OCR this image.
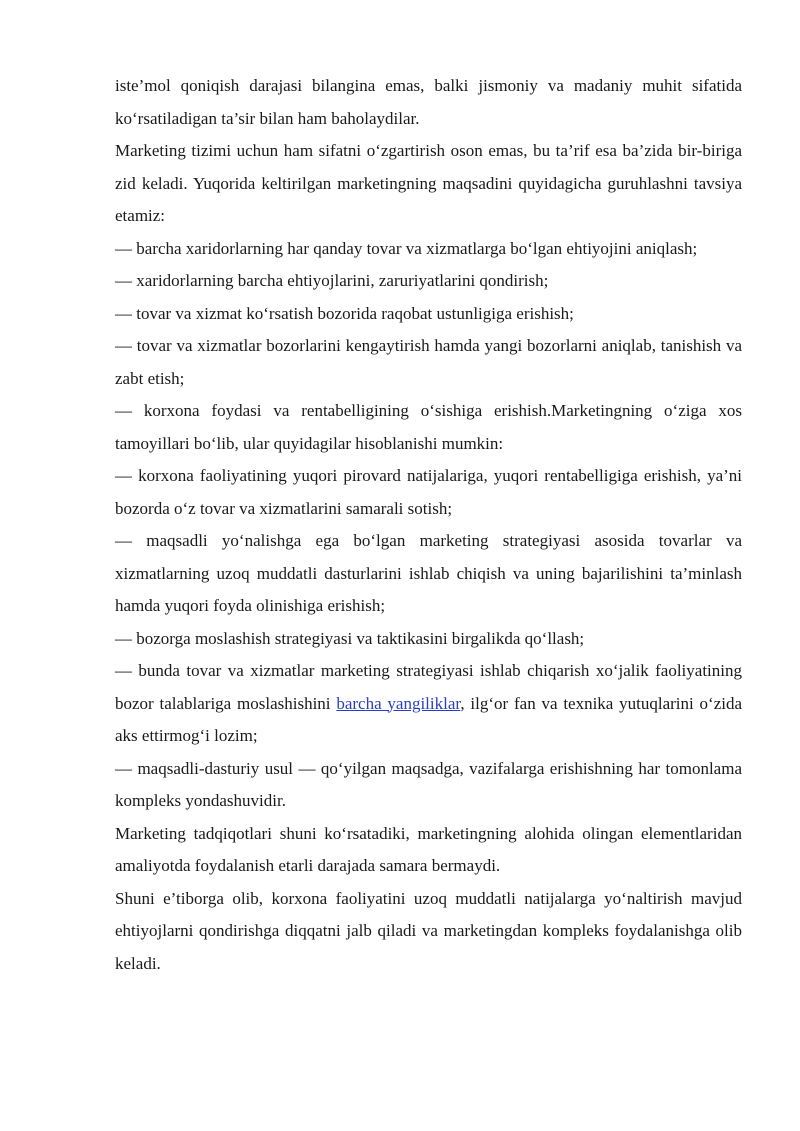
iste’mol qoniqish darajasi bilangina emas, balki jismoniy va madaniy muhit sifatida ko‘rsatiladigan ta’sir bilan ham baholaydilar.

Marketing tizimi uchun ham sifatni o‘zgartirish oson emas, bu ta’rif esa ba’zida bir-biriga zid keladi. Yuqorida keltirilgan marketingning maqsadini quyidagicha guruhlashni tavsiya etamiz:

— barcha xaridorlarning har qanday tovar va xizmatlarga bo‘lgan ehtiyojini aniqlash;

— xaridorlarning barcha ehtiyojlarini, zaruriyatlarini qondirish;

— tovar va xizmat ko‘rsatish bozorida raqobat ustunligiga erishish;

— tovar va xizmatlar bozorlarini kengaytirish hamda yangi bozorlarni aniqlab, tanishish va zabt etish;

— korxona foydasi va rentabelligining o‘sishiga erishish.Marketingning o‘ziga xos tamoyillari bo‘lib, ular quyidagilar hisoblanishi mumkin:

— korxona faoliyatining yuqori pirovard natijalariga, yuqori rentabelligiga erishish, ya’ni bozorda o‘z tovar va xizmatlarini samarali sotish;

— maqsadli yo‘nalishga ega bo‘lgan marketing strategiyasi asosida tovarlar va xizmatlarning uzoq muddatli dasturlarini ishlab chiqish va uning bajarilishini ta’minlash hamda yuqori foyda olinishiga erishish;

— bozorga moslashish strategiyasi va taktikasini birgalikda qo‘llash;

— bunda tovar va xizmatlar marketing strategiyasi ishlab chiqarish xo‘jalik faoliyatining bozor talablariga moslashishini barcha yangiliklar, ilg‘or fan va texnika yutuqlarini o‘zida aks ettirmog‘i lozim;

— maqsadli-dasturiy usul — qo‘yilgan maqsadga, vazifalarga erishishning har tomonlama kompleks yondashuvidir.

Marketing tadqiqotlari shuni ko‘rsatadiki, marketingning alohida olingan elementlaridan amaliyotda foydalanish etarli darajada samara bermaydi.

Shuni e’tiborga olib, korxona faoliyatini uzoq muddatli natijalarga yo‘naltirish mavjud ehtiyojlarni qondirishga diqqatni jalb qiladi va marketingdan kompleks foydalanishga olib keladi.
